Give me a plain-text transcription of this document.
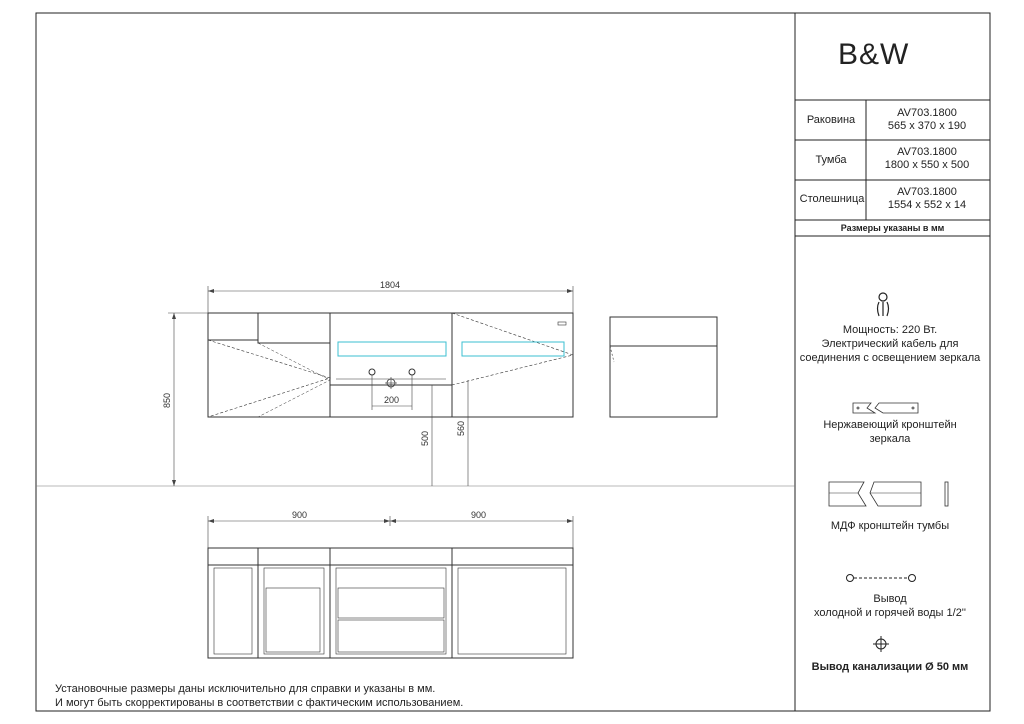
B&W
Раковина
AV703.1800
565 x 370 x 190
Тумба
AV703.1800
1800 x 550 x 500
Столешница
AV703.1800
1554 x 552 x 14
Размеры указаны в мм
Мощность: 220 Вт.
Электрический кабель для
соединения с освещением зеркала
Нержавеющий кронштейн
зеркала
МДФ кронштейн тумбы
Вывод
холодной и горячей воды 1/2''
Вывод канализации Ø 50 мм
1804
850	200
500
560
900	900
Установочные размеры даны исключительно для справки и указаны в мм.
И могут быть скорректированы в соответствии с фактическим использованием.
